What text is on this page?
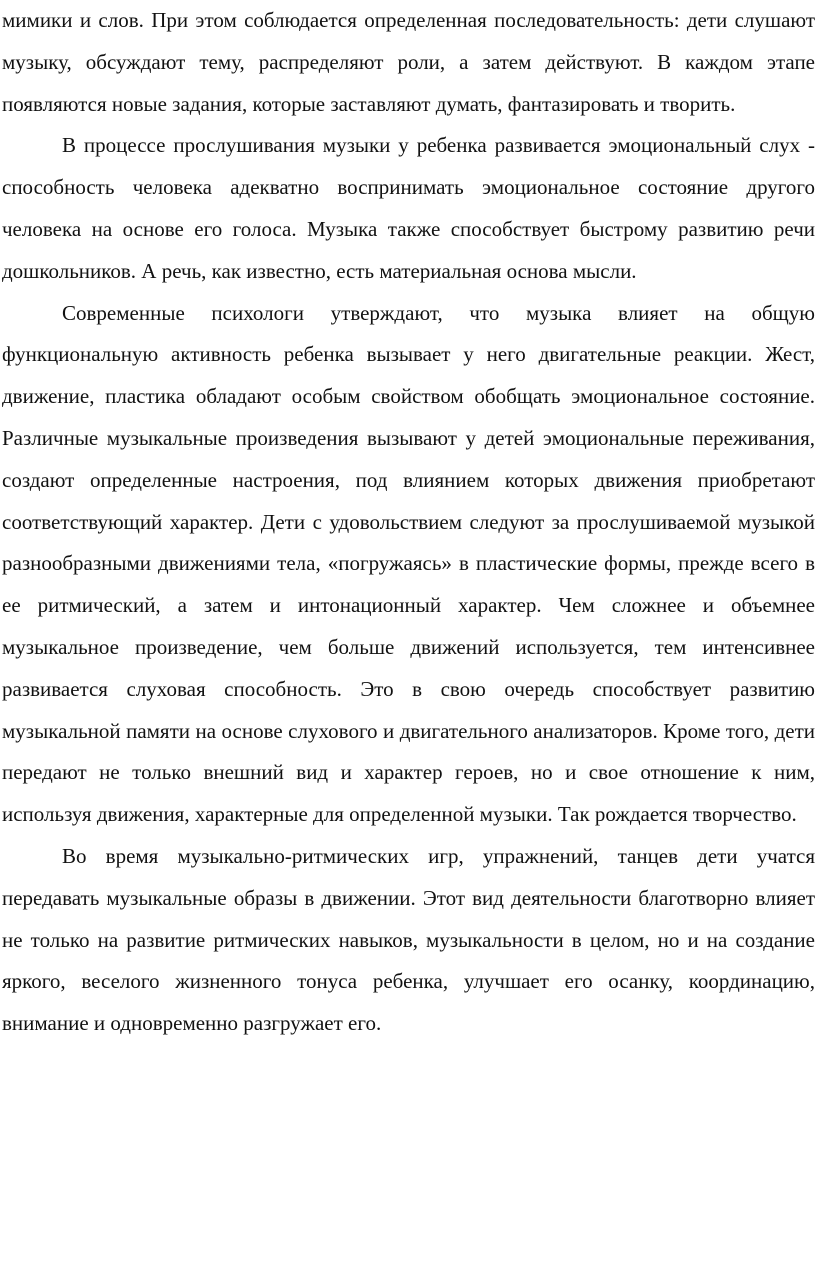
мимики и слов. При этом соблюдается определенная последовательность: дети слушают музыку, обсуждают тему, распределяют роли, а затем действуют. В каждом этапе появляются новые задания, которые заставляют думать, фантазировать и творить.

В процессе прослушивания музыки у ребенка развивается эмоциональный слух - способность человека адекватно воспринимать эмоциональное состояние другого человека на основе его голоса. Музыка также способствует быстрому развитию речи дошкольников. А речь, как известно, есть материальная основа мысли.

Современные психологи утверждают, что музыка влияет на общую функциональную активность ребенка вызывает у него двигательные реакции. Жест, движение, пластика обладают особым свойством обобщать эмоциональное состояние. Различные музыкальные произведения вызывают у детей эмоциональные переживания, создают определенные настроения, под влиянием которых движения приобретают соответствующий характер. Дети с удовольствием следуют за прослушиваемой музыкой разнообразными движениями тела, «погружаясь» в пластические формы, прежде всего в ее ритмический, а затем и интонационный характер. Чем сложнее и объемнее музыкальное произведение, чем больше движений используется, тем интенсивнее развивается слуховая способность. Это в свою очередь способствует развитию музыкальной памяти на основе слухового и двигательного анализаторов. Кроме того, дети передают не только внешний вид и характер героев, но и свое отношение к ним, используя движения, характерные для определенной музыки. Так рождается творчество.

Во время музыкально-ритмических игр, упражнений, танцев дети учатся передавать музыкальные образы в движении. Этот вид деятельности благотворно влияет не только на развитие ритмических навыков, музыкальности в целом, но и на создание яркого, веселого жизненного тонуса ребенка, улучшает его осанку, координацию, внимание и одновременно разгружает его.
